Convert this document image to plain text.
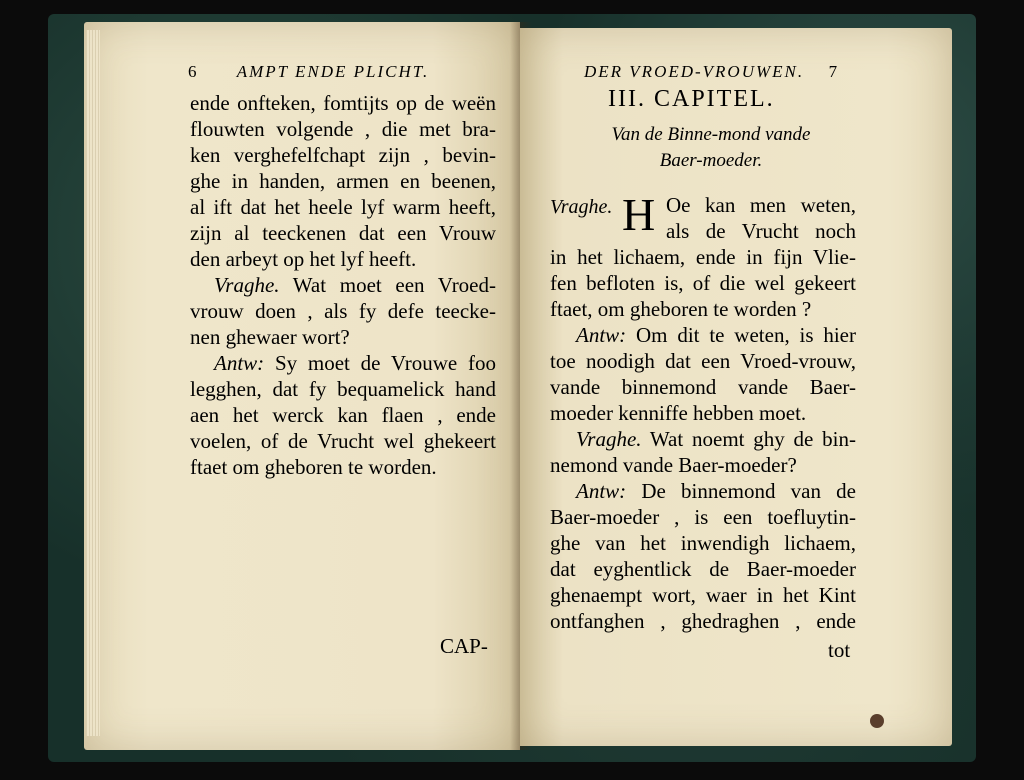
6 AMPT ENDE PLICHT.
ende onfteken, fomtijts op de weën
flouwten volgende , die met bra-
ken verghefelfchapt zijn , bevin-
ghe in handen, armen en beenen,
al ift dat het heele lyf warm heeft,
zijn al teeckenen dat een Vrouw
den arbeyt op het lyf heeft.
Vraghe. Wat moet een Vroed-
vrouw doen , als fy defe teecke-
nen ghewaer wort?
Antw: Sy moet de Vrouwe foo
legghen, dat fy bequamelick hand
aen het werck kan flaen , ende
voelen, of de Vrucht wel ghekeert
ftaet om gheboren te worden.
CAP-
DER VROED-VROUWEN. 7
III. CAPITEL.
Van de Binne-mond vande
Baer-moeder.
Vraghe. H Oe kan men weten,
als de Vrucht noch
in het lichaem, ende in fijn Vlie-
fen befloten is, of die wel gekeert
ftaet, om gheboren te worden ?
Antw: Om dit te weten, is hier
toe noodigh dat een Vroed-vrouw,
vande binnemond vande Baer-
moeder kenniffe hebben moet.
Vraghe. Wat noemt ghy de bin-
nemond vande Baer-moeder?
Antw: De binnemond van de
Baer-moeder , is een toefluytin-
ghe van het inwendigh lichaem,
dat eyghentlick de Baer-moeder
ghenaempt wort, waer in het Kint
ontfanghen , ghedraghen , ende
tot
